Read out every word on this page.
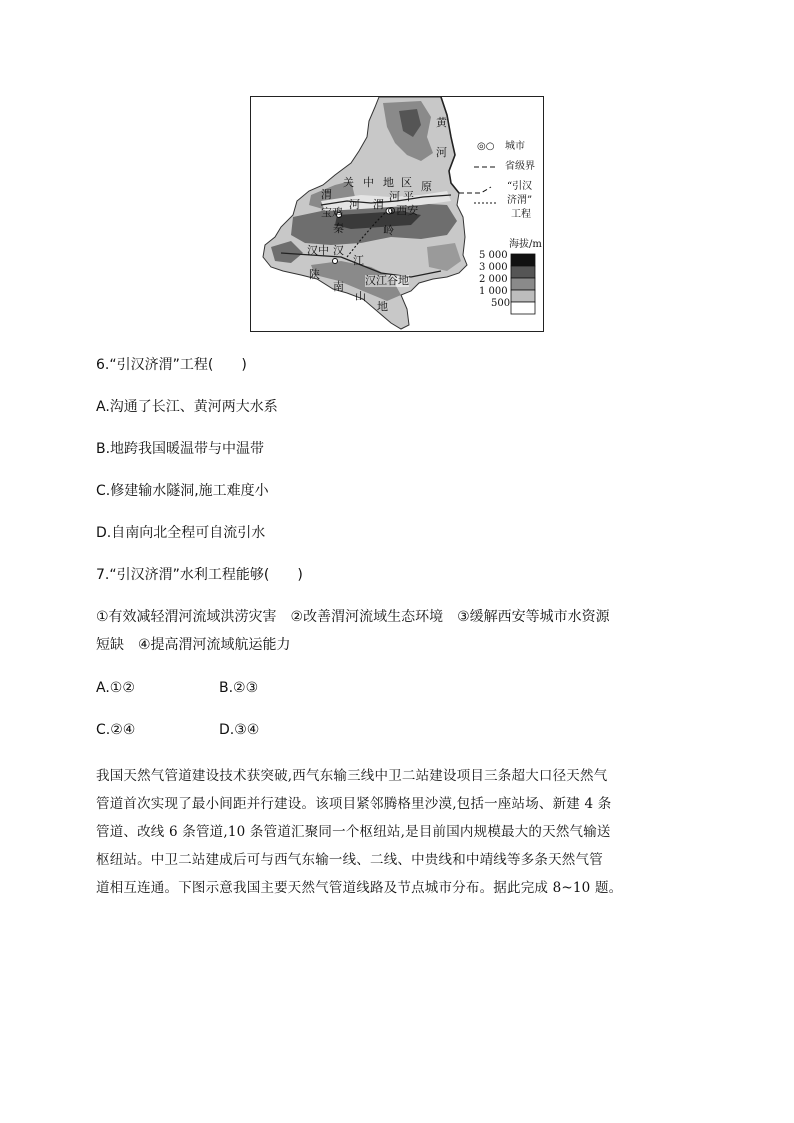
黄
河
关 中 地 区
平
原
渭
河 渭
河
宝鸡	⊙西安
秦	岭
汉中 汉
江
陕
南
山
地
汉江谷地
◎○ 城市
省级界
“引汉
济渭”
工程
海拔/m
5 000
3 000
2 000
1 000
500
6.“引汉济渭”工程(　　)
A.沟通了长江、黄河两大水系
B.地跨我国暖温带与中温带
C.修建输水隧洞,施工难度小
D.自南向北全程可自流引水
7.“引汉济渭”水利工程能够(　　)
①有效减轻渭河流域洪涝灾害　②改善渭河流域生态环境　③缓解西安等城市水资源
短缺　④提高渭河流域航运能力
A.①②	B.②③
C.②④	D.③④
我国天然气管道建设技术获突破,西气东输三线中卫二站建设项目三条超大口径天然气
管道首次实现了最小间距并行建设。该项目紧邻腾格里沙漠,包括一座站场、新建 4 条
管道、改线 6 条管道,10 条管道汇聚同一个枢纽站,是目前国内规模最大的天然气输送
枢纽站。中卫二站建成后可与西气东输一线、二线、中贵线和中靖线等多条天然气管
道相互连通。下图示意我国主要天然气管道线路及节点城市分布。据此完成 8~10 题。
